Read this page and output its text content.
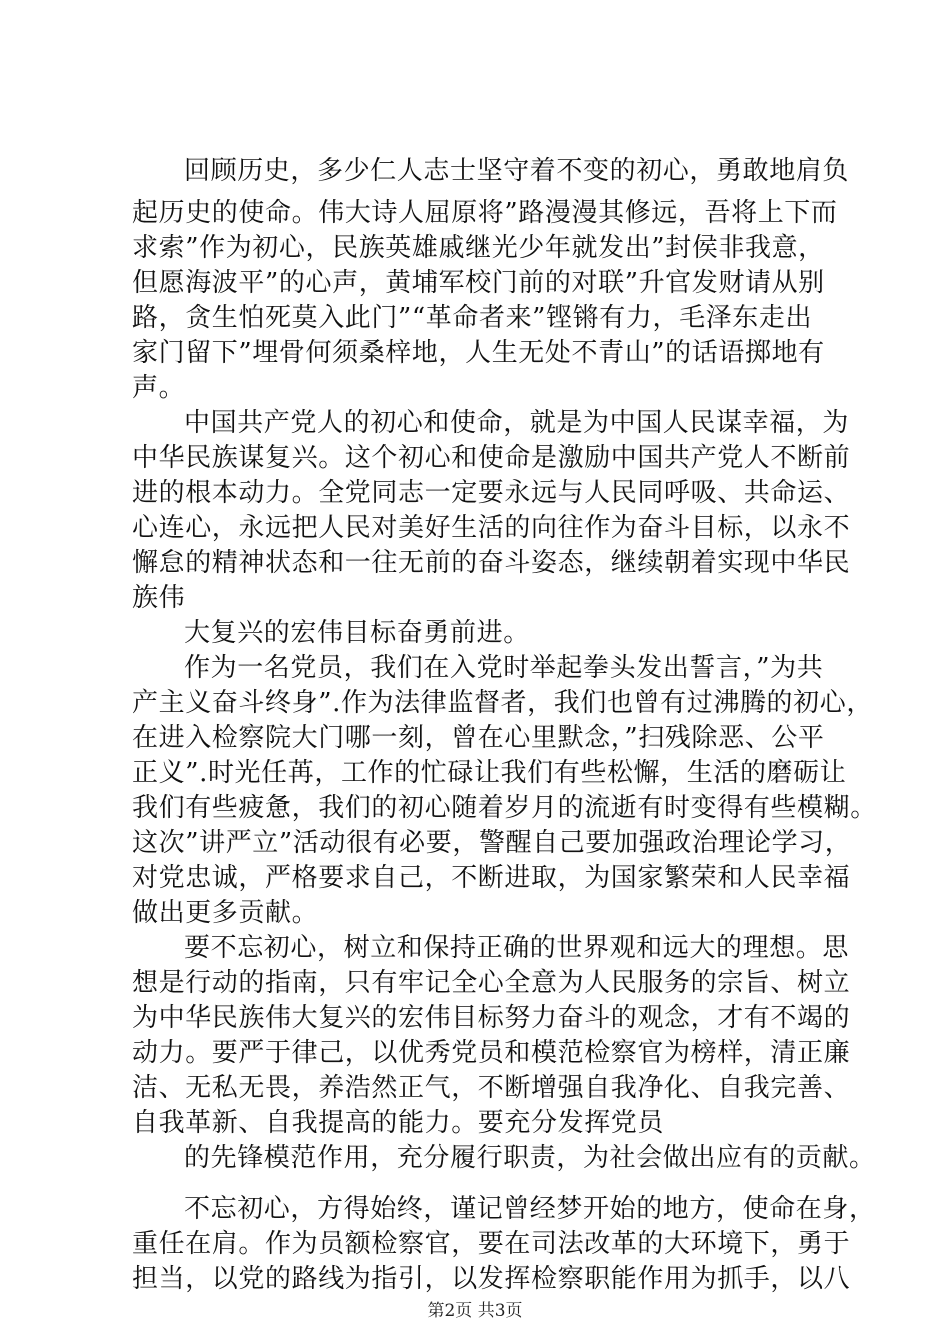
回顾历史，多少仁人志士坚守着不变的初心，勇敢地肩负
起历史的使命。伟大诗人屈原将”路漫漫其修远，吾将上下而
求索”作为初心，民族英雄戚继光少年就发出”封侯非我意，
但愿海波平”的心声，黄埔军校门前的对联”升官发财请从别
路，贪生怕死莫入此门”“革命者来”铿锵有力，毛泽东走出
家门留下”埋骨何须桑梓地，人生无处不青山”的话语掷地有
声。
中国共产党人的初心和使命，就是为中国人民谋幸福，为
中华民族谋复兴。这个初心和使命是激励中国共产党人不断前
进的根本动力。全党同志一定要永远与人民同呼吸、共命运、
心连心，永远把人民对美好生活的向往作为奋斗目标，以永不
懈怠的精神状态和一往无前的奋斗姿态，继续朝着实现中华民
族伟
大复兴的宏伟目标奋勇前进。
作为一名党员，我们在入党时举起拳头发出誓言，”为共
产主义奋斗终身”.作为法律监督者，我们也曾有过沸腾的初心，
在进入检察院大门哪一刻，曾在心里默念，”扫残除恶、公平
正义”.时光任苒，工作的忙碌让我们有些松懈，生活的磨砺让
我们有些疲惫，我们的初心随着岁月的流逝有时变得有些模糊。
这次”讲严立”活动很有必要，警醒自己要加强政治理论学习，
对党忠诚，严格要求自己，不断进取，为国家繁荣和人民幸福
做出更多贡献。
要不忘初心，树立和保持正确的世界观和远大的理想。思
想是行动的指南，只有牢记全心全意为人民服务的宗旨、树立
为中华民族伟大复兴的宏伟目标努力奋斗的观念，才有不竭的
动力。要严于律己，以优秀党员和模范检察官为榜样，清正廉
洁、无私无畏，养浩然正气，不断增强自我净化、自我完善、
自我革新、自我提高的能力。要充分发挥党员
的先锋模范作用，充分履行职责，为社会做出应有的贡献。
不忘初心，方得始终，谨记曾经梦开始的地方，使命在身，
重任在肩。作为员额检察官，要在司法改革的大环境下，勇于
担当，以党的路线为指引，以发挥检察职能作用为抓手，以八
第2页 共3页
